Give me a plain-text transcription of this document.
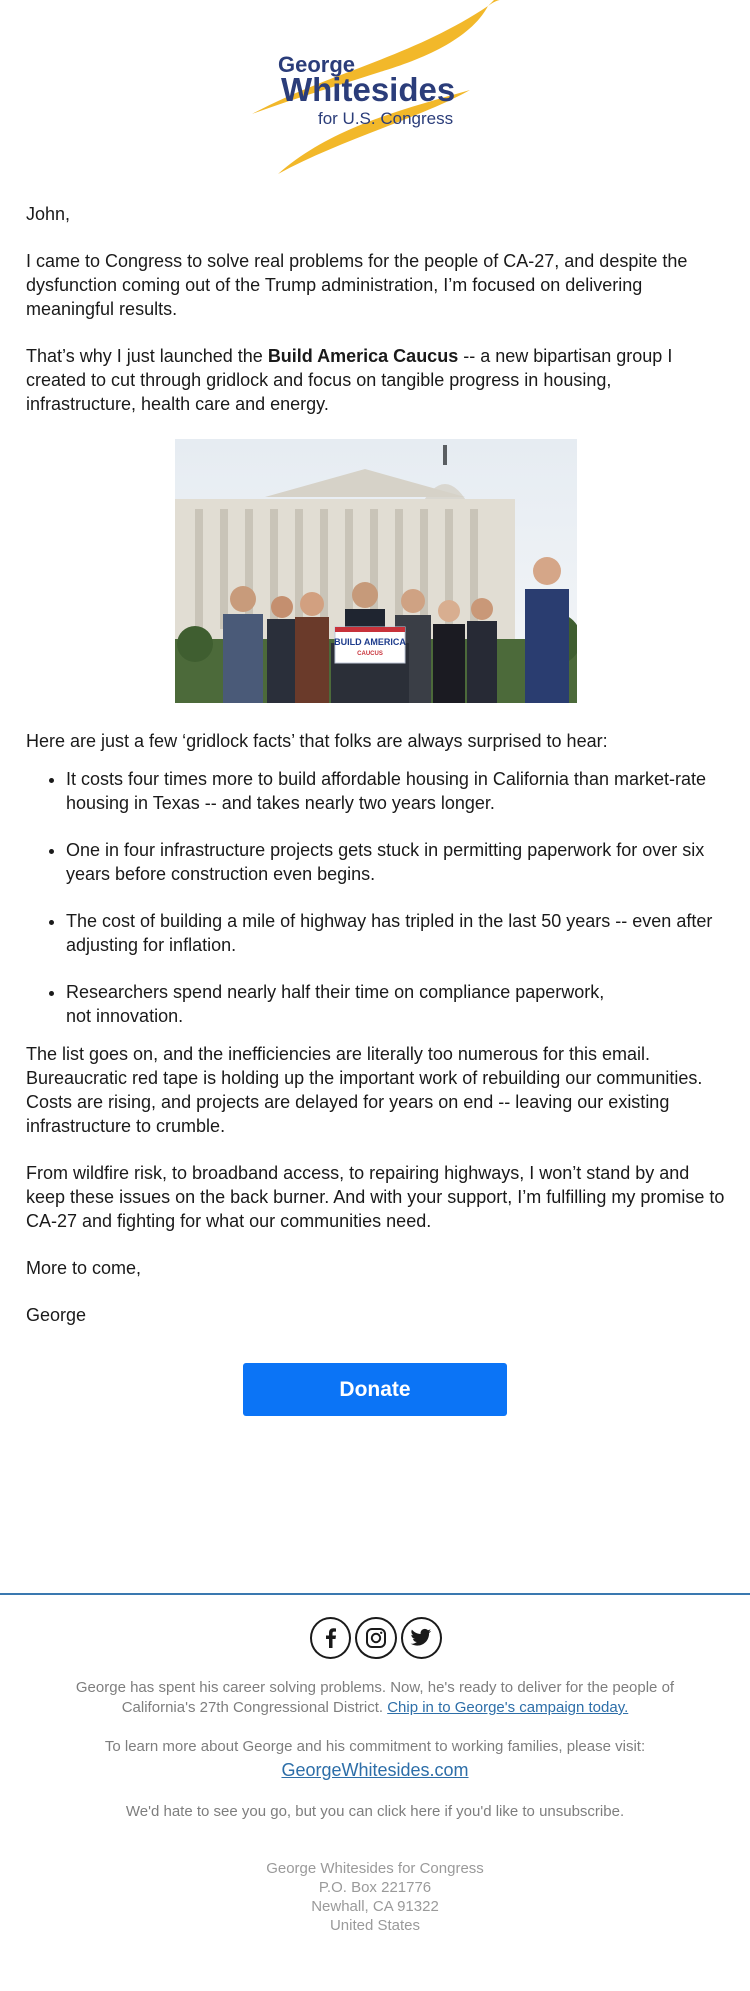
George
Whitesides
for U.S. Congress

John,

I came to Congress to solve real problems for the people of CA-27, and despite the dysfunction coming out of the Trump administration, I’m focused on delivering meaningful results.

That’s why I just launched the Build America Caucus -- a new bipartisan group I created to cut through gridlock and focus on tangible progress in housing, infrastructure, health care and energy.

BUILD AMERICA
CAUCUS

Here are just a few ‘gridlock facts’ that folks are always surprised to hear:

• It costs four times more to build affordable housing in California than market-rate housing in Texas -- and takes nearly two years longer.
• One in four infrastructure projects gets stuck in permitting paperwork for over six years before construction even begins.
• The cost of building a mile of highway has tripled in the last 50 years -- even after adjusting for inflation.
• Researchers spend nearly half their time on compliance paperwork, not innovation.

The list goes on, and the inefficiencies are literally too numerous for this email. Bureaucratic red tape is holding up the important work of rebuilding our communities. Costs are rising, and projects are delayed for years on end -- leaving our existing infrastructure to crumble.

From wildfire risk, to broadband access, to repairing highways, I won’t stand by and keep these issues on the back burner. And with your support, I’m fulfilling my promise to CA-27 and fighting for what our communities need.

More to come,

George

Donate

George has spent his career solving problems. Now, he's ready to deliver for the people of California's 27th Congressional District. Chip in to George's campaign today.

To learn more about George and his commitment to working families, please visit:
GeorgeWhitesides.com

We'd hate to see you go, but you can click here if you'd like to unsubscribe.

George Whitesides for Congress
P.O. Box 221776
Newhall, CA 91322
United States
